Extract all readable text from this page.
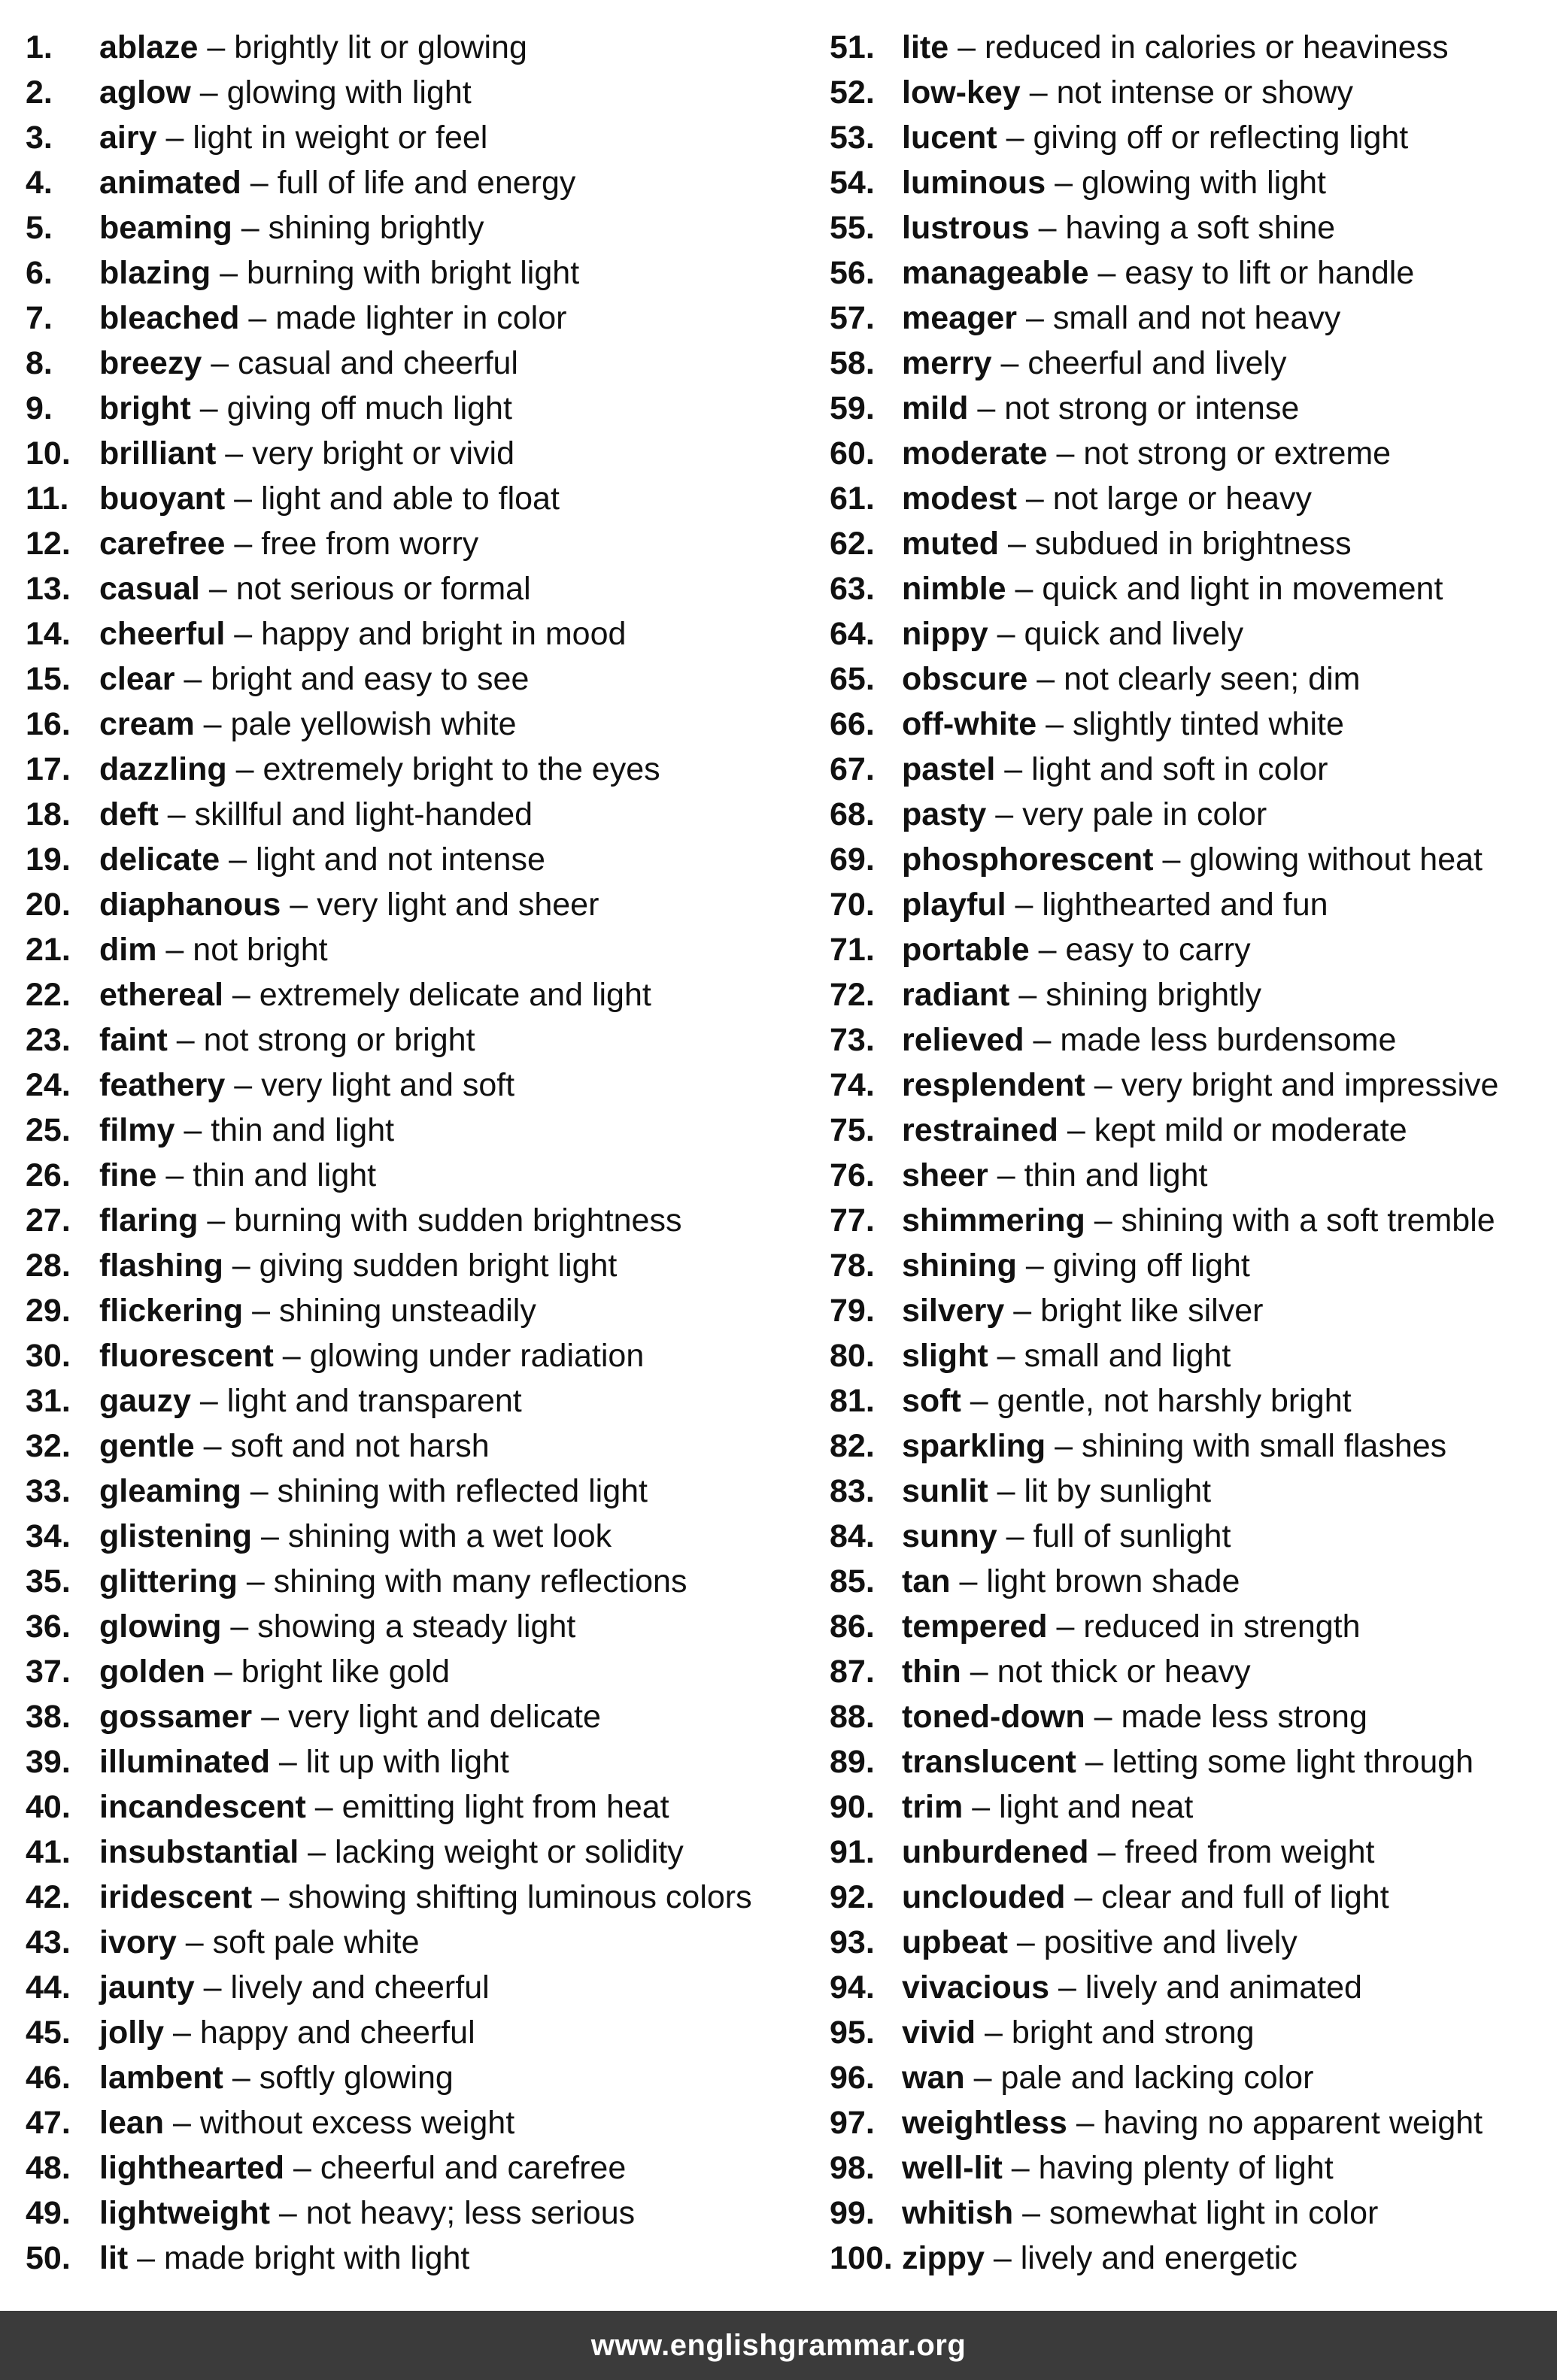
1. ablaze – brightly lit or glowing
2. aglow – glowing with light
3. airy – light in weight or feel
4. animated – full of life and energy
5. beaming – shining brightly
6. blazing – burning with bright light
7. bleached – made lighter in color
8. breezy – casual and cheerful
9. bright – giving off much light
10. brilliant – very bright or vivid
11. buoyant – light and able to float
12. carefree – free from worry
13. casual – not serious or formal
14. cheerful – happy and bright in mood
15. clear – bright and easy to see
16. cream – pale yellowish white
17. dazzling – extremely bright to the eyes
18. deft – skillful and light-handed
19. delicate – light and not intense
20. diaphanous – very light and sheer
21. dim – not bright
22. ethereal – extremely delicate and light
23. faint – not strong or bright
24. feathery – very light and soft
25. filmy – thin and light
26. fine – thin and light
27. flaring – burning with sudden brightness
28. flashing – giving sudden bright light
29. flickering – shining unsteadily
30. fluorescent – glowing under radiation
31. gauzy – light and transparent
32. gentle – soft and not harsh
33. gleaming – shining with reflected light
34. glistening – shining with a wet look
35. glittering – shining with many reflections
36. glowing – showing a steady light
37. golden – bright like gold
38. gossamer – very light and delicate
39. illuminated – lit up with light
40. incandescent – emitting light from heat
41. insubstantial – lacking weight or solidity
42. iridescent – showing shifting luminous colors
43. ivory – soft pale white
44. jaunty – lively and cheerful
45. jolly – happy and cheerful
46. lambent – softly glowing
47. lean – without excess weight
48. lighthearted – cheerful and carefree
49. lightweight – not heavy; less serious
50. lit – made bright with light
51. lite – reduced in calories or heaviness
52. low-key – not intense or showy
53. lucent – giving off or reflecting light
54. luminous – glowing with light
55. lustrous – having a soft shine
56. manageable – easy to lift or handle
57. meager – small and not heavy
58. merry – cheerful and lively
59. mild – not strong or intense
60. moderate – not strong or extreme
61. modest – not large or heavy
62. muted – subdued in brightness
63. nimble – quick and light in movement
64. nippy – quick and lively
65. obscure – not clearly seen; dim
66. off-white – slightly tinted white
67. pastel – light and soft in color
68. pasty – very pale in color
69. phosphorescent – glowing without heat
70. playful – lighthearted and fun
71. portable – easy to carry
72. radiant – shining brightly
73. relieved – made less burdensome
74. resplendent – very bright and impressive
75. restrained – kept mild or moderate
76. sheer – thin and light
77. shimmering – shining with a soft tremble
78. shining – giving off light
79. silvery – bright like silver
80. slight – small and light
81. soft – gentle, not harshly bright
82. sparkling – shining with small flashes
83. sunlit – lit by sunlight
84. sunny – full of sunlight
85. tan – light brown shade
86. tempered – reduced in strength
87. thin – not thick or heavy
88. toned-down – made less strong
89. translucent – letting some light through
90. trim – light and neat
91. unburdened – freed from weight
92. unclouded – clear and full of light
93. upbeat – positive and lively
94. vivacious – lively and animated
95. vivid – bright and strong
96. wan – pale and lacking color
97. weightless – having no apparent weight
98. well-lit – having plenty of light
99. whitish – somewhat light in color
100. zippy – lively and energetic
www.englishgrammar.org
